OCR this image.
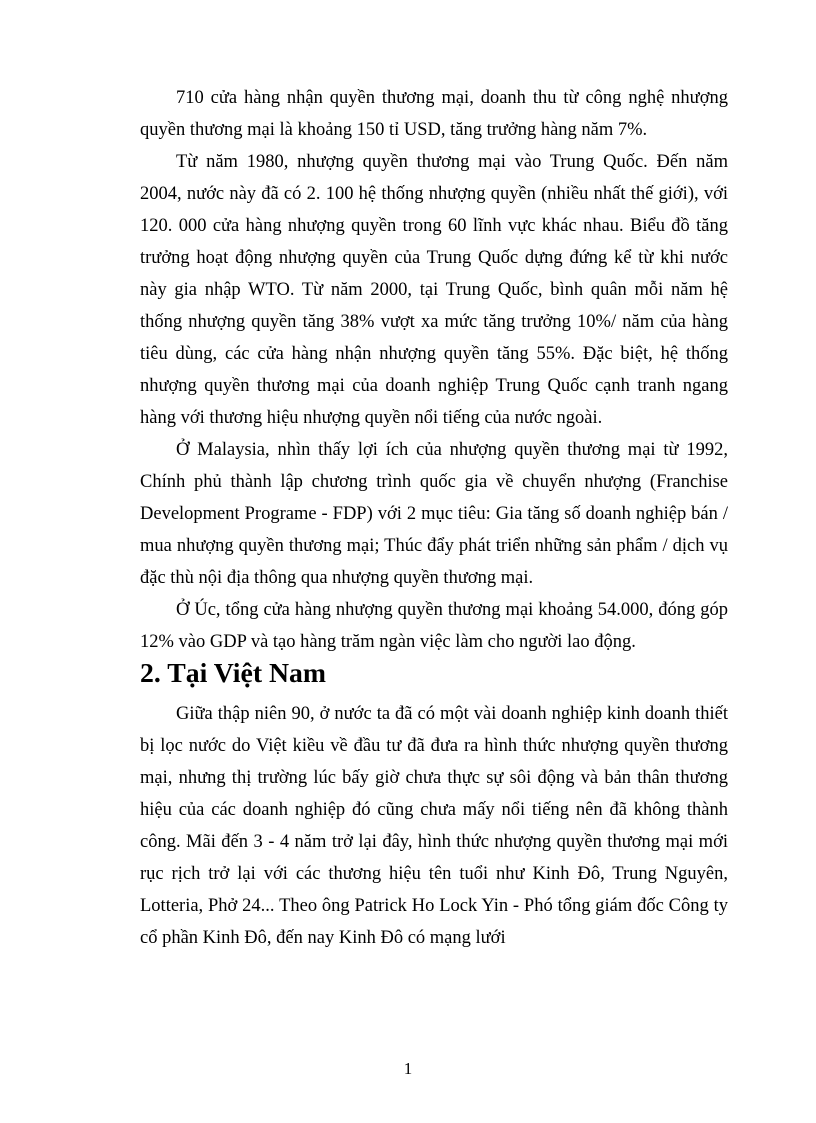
710 cửa hàng nhận quyền thương mại, doanh thu từ công nghệ nhượng quyền thương mại là khoảng 150 tỉ USD, tăng trưởng hàng năm 7%.

Từ năm 1980, nhượng quyền thương mại vào Trung Quốc. Đến năm 2004, nước này đã có 2. 100 hệ thống nhượng quyền (nhiều nhất thế giới), với 120. 000 cửa hàng nhượng quyền trong 60 lĩnh vực khác nhau. Biểu đồ tăng trưởng hoạt động nhượng quyền của Trung Quốc dựng đứng kể từ khi nước này gia nhập WTO. Từ năm 2000, tại Trung Quốc, bình quân mỗi năm hệ thống nhượng quyền tăng 38% vượt xa mức tăng trưởng 10%/ năm của hàng tiêu dùng, các cửa hàng nhận nhượng quyền tăng 55%. Đặc biệt, hệ thống nhượng quyền thương mại của doanh nghiệp Trung Quốc cạnh tranh ngang hàng với thương hiệu nhượng quyền nổi tiếng của nước ngoài.

Ở Malaysia, nhìn thấy lợi ích của nhượng quyền thương mại từ 1992, Chính phủ thành lập chương trình quốc gia về chuyển nhượng (Franchise Development Programe - FDP) với 2 mục tiêu: Gia tăng số doanh nghiệp bán / mua nhượng quyền thương mại; Thúc đẩy phát triển những sản phẩm / dịch vụ đặc thù nội địa thông qua nhượng quyền thương mại.

Ở Úc, tổng cửa hàng nhượng quyền thương mại khoảng 54.000, đóng góp 12% vào GDP và tạo hàng trăm ngàn việc làm cho người lao động.

2. Tại Việt Nam

Giữa thập niên 90, ở nước ta đã có một vài doanh nghiệp kinh doanh thiết bị lọc nước do Việt kiều về đầu tư đã đưa ra hình thức nhượng quyền thương mại, nhưng thị trường lúc bấy giờ chưa thực sự sôi động và bản thân thương hiệu của các doanh nghiệp đó cũng chưa mấy nổi tiếng nên đã không thành công. Mãi đến 3 - 4 năm trở lại đây, hình thức nhượng quyền thương mại mới rục rịch trở lại với các thương hiệu tên tuổi như Kinh Đô, Trung Nguyên, Lotteria, Phở 24... Theo ông Patrick Ho Lock Yin - Phó tổng giám đốc Công ty cổ phần Kinh Đô, đến nay Kinh Đô có mạng lưới

1
